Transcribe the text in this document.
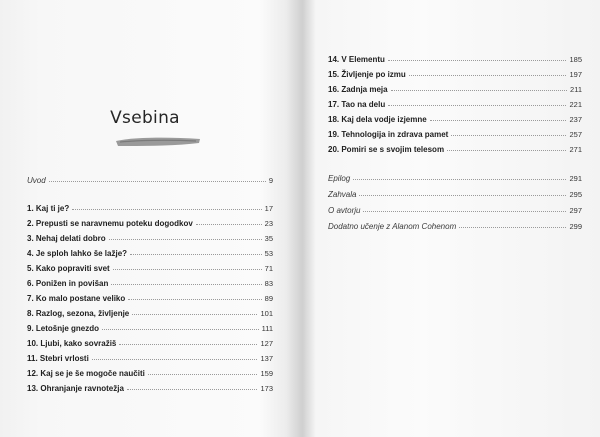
Vsebina
Uvod	9
1. Kaj ti je?	17
2. Prepusti se naravnemu poteku dogodkov	23
3. Nehaj delati dobro	35
4. Je sploh lahko še lažje?	53
5. Kako popraviti svet	71
6. Ponižen in povišan	83
7. Ko malo postane veliko	89
8. Razlog, sezona, življenje	101
9. Letošnje gnezdo	111
10. Ljubi, kako sovražiš	127
11. Stebri vrlosti	137
12. Kaj se je še mogoče naučiti	159
13. Ohranjanje ravnotežja	173
14. V Elementu	185
15. Življenje po izmu	197
16. Zadnja meja	211
17. Tao na delu	221
18. Kaj dela vodje izjemne	237
19. Tehnologija in zdrava pamet	257
20. Pomiri se s svojim telesom	271
Epilog	291
Zahvala	295
O avtorju	297
Dodatno učenje z Alanom Cohenom	299
